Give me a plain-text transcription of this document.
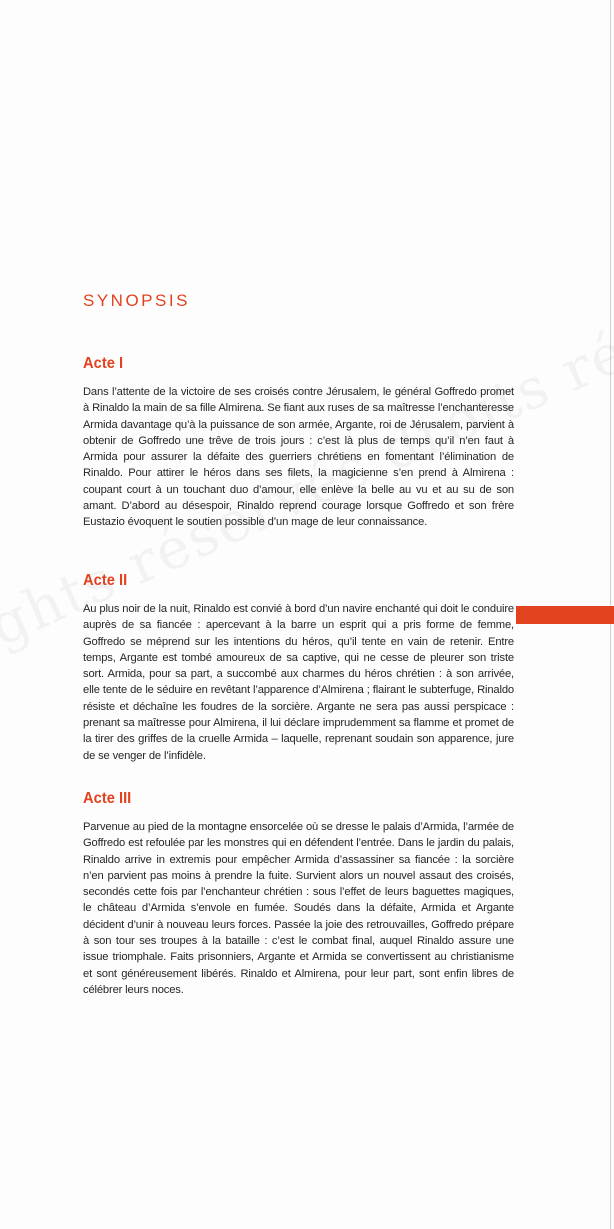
SYNOPSIS
Acte I

Dans l’attente de la victoire de ses croisés contre Jérusalem, le général Goffredo promet à Rinaldo la main de sa fille Almirena. Se fiant aux ruses de sa maîtresse l’enchanteresse Armida davantage qu’à la puissance de son armée, Argante, roi de Jérusalem, parvient à obtenir de Goffredo une trêve de trois jours : c’est là plus de temps qu’il n’en faut à Armida pour assurer la défaite des guerriers chrétiens en fomentant l’élimination de Rinaldo. Pour attirer le héros dans ses filets, la magicienne s’en prend à Almirena : coupant court à un touchant duo d’amour, elle enlève la belle au vu et au su de son amant. D’abord au désespoir, Rinaldo reprend courage lorsque Goffredo et son frère Eustazio évoquent le soutien possible d’un mage de leur connaissance.

Acte II

Au plus noir de la nuit, Rinaldo est convié à bord d’un navire enchanté qui doit le conduire auprès de sa fiancée : apercevant à la barre un esprit qui a pris forme de femme, Goffredo se méprend sur les intentions du héros, qu’il tente en vain de retenir. Entre temps, Argante est tombé amoureux de sa captive, qui ne cesse de pleurer son triste sort. Armida, pour sa part, a succombé aux charmes du héros chrétien : à son arrivée, elle tente de le séduire en revêtant l’apparence d’Almirena ; flairant le subterfuge, Rinaldo résiste et déchaîne les foudres de la sorcière. Argante ne sera pas aussi perspicace : prenant sa maîtresse pour Almirena, il lui déclare imprudemment sa flamme et promet de la tirer des griffes de la cruelle Armida – laquelle, reprenant soudain son apparence, jure de se venger de l’infidèle.

Acte III

Parvenue au pied de la montagne ensorcelée où se dresse le palais d’Armida, l’armée de Goffredo est refoulée par les monstres qui en défendent l’entrée. Dans le jardin du palais, Rinaldo arrive in extremis pour empêcher Armida d’assassiner sa fiancée : la sorcière n’en parvient pas moins à prendre la fuite. Survient alors un nouvel assaut des croisés, secondés cette fois par l’enchanteur chrétien : sous l’effet de leurs baguettes magiques, le château d’Armida s’envole en fumée. Soudés dans la défaite, Armida et Argante décident d’unir à nouveau leurs forces. Passée la joie des retrouvailles, Goffredo prépare à son tour ses troupes à la bataille : c’est le combat final, auquel Rinaldo assure une issue triomphale. Faits prisonniers, Argante et Armida se convertissent au christianisme et sont généreusement libérés. Rinaldo et Almirena, pour leur part, sont enfin libres de célébrer leurs noces.
